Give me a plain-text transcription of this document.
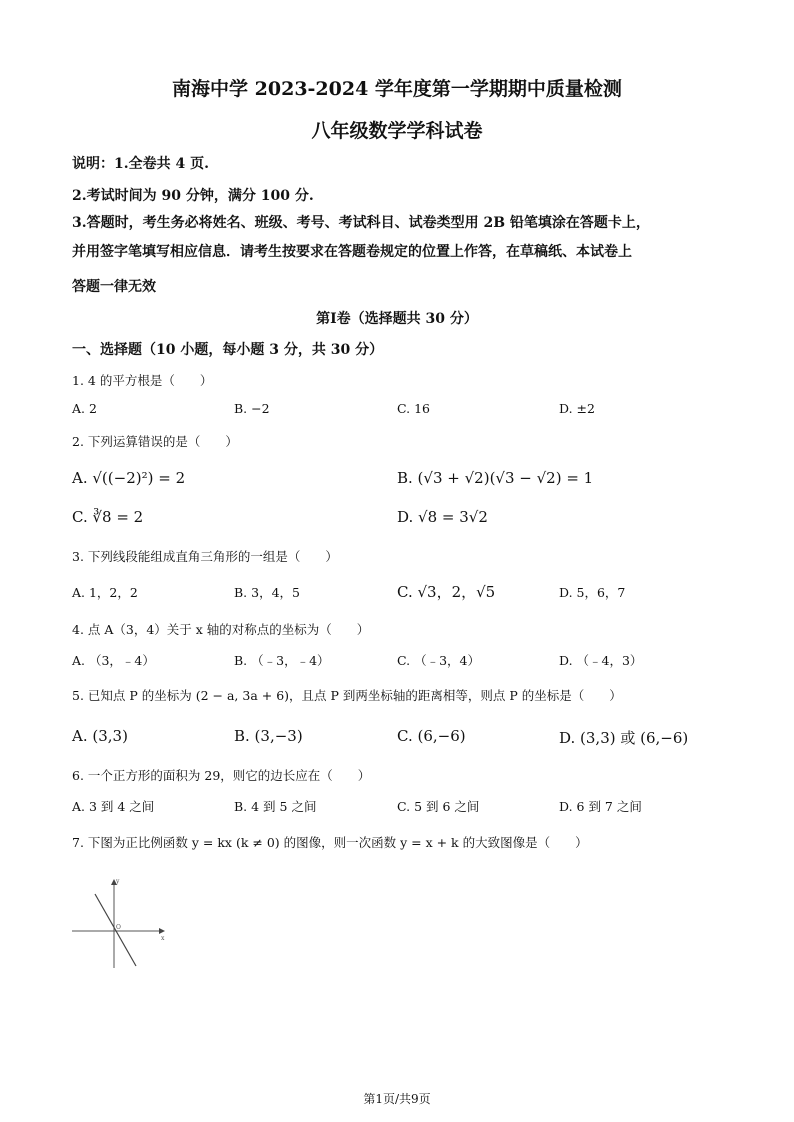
南海中学 2023-2024 学年度第一学期期中质量检测
八年级数学学科试卷
说明：1.全卷共 4 页.
2.考试时间为 90 分钟，满分 100 分.
3.答题时，考生务必将姓名、班级、考号、考试科目、试卷类型用 2B 铅笔填涂在答题卡上，
并用签字笔填写相应信息．请考生按要求在答题卷规定的位置上作答，在草稿纸、本试卷上
答题一律无效
第Ⅰ卷（选择题共 30 分）
一、选择题（10 小题，每小题 3 分，共 30 分）
1. 4 的平方根是（　　）
A. 2	B. −2	C. 16	D. ±2
2. 下列运算错误的是（　　）
A. √((−2)²) = 2	B. (√3 + √2)(√3 − √2) = 1
C. ∛8 = 2	D. √8 = 3√2
3. 下列线段能组成直角三角形的一组是（　　）
A. 1，2，2	B. 3，4，5	C. √3，2，√5	D. 5，6，7
4. 点 A（3，4）关于 x 轴的对称点的坐标为（　　）
A. （3，﹣4）	B. （﹣3，﹣4）	C. （﹣3，4）	D. （﹣4，3）
5. 已知点 P 的坐标为 (2 − a, 3a + 6)，且点 P 到两坐标轴的距离相等，则点 P 的坐标是（　　）
A. (3,3)	B. (3,−3)	C. (6,−6)	D. (3,3) 或 (6,−6)
6. 一个正方形的面积为 29，则它的边长应在（　　）
A. 3 到 4 之间	B. 4 到 5 之间	C. 5 到 6 之间	D. 6 到 7 之间
7. 下图为正比例函数 y = kx (k ≠ 0) 的图像，则一次函数 y = x + k 的大致图像是（　　）
y
x
O
第1页/共9页
